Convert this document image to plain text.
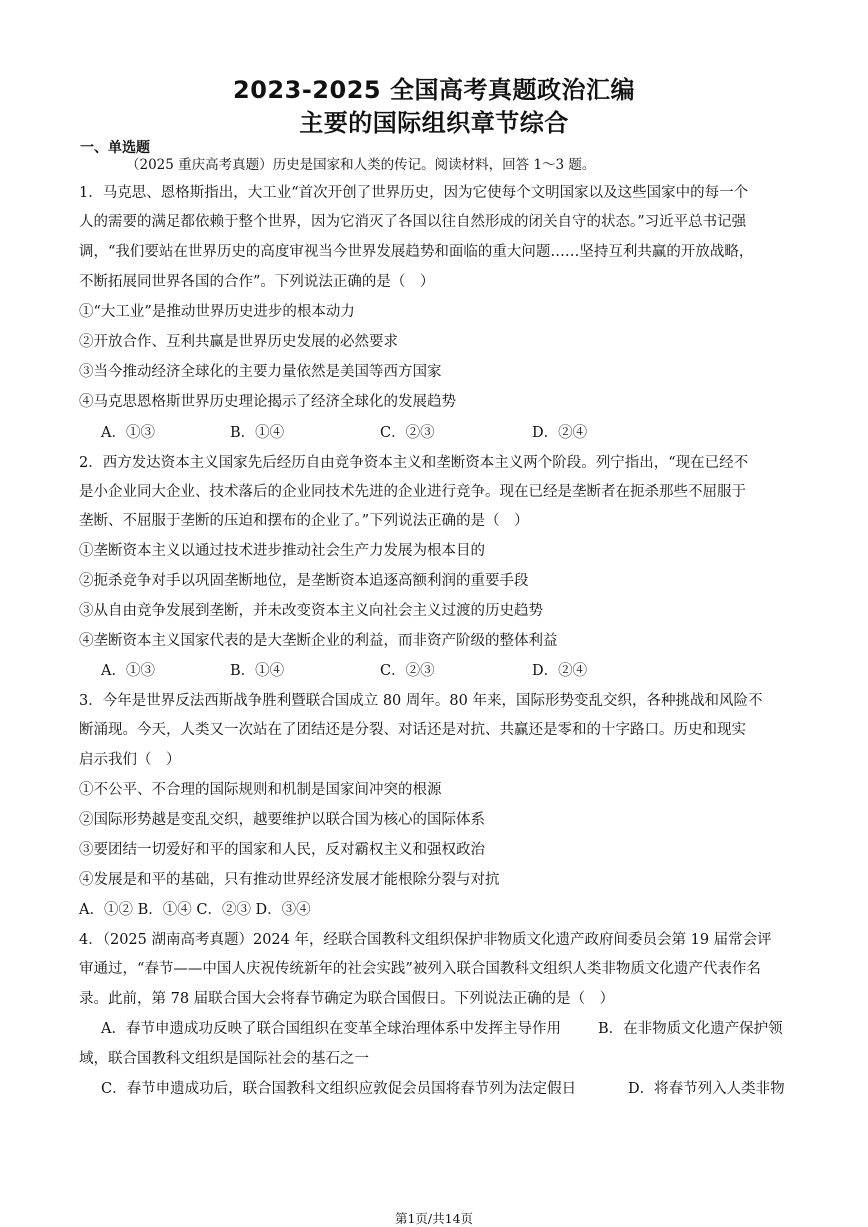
2023-2025 全国高考真题政治汇编
主要的国际组织章节综合
一、单选题
（2025 重庆高考真题）历史是国家和人类的传记。阅读材料，回答 1～3 题。
1．马克思、恩格斯指出，大工业“首次开创了世界历史，因为它使每个文明国家以及这些国家中的每一个
人的需要的满足都依赖于整个世界，因为它消灭了各国以往自然形成的闭关自守的状态。”习近平总书记强
调，“我们要站在世界历史的高度审视当今世界发展趋势和面临的重大问题……坚持互利共赢的开放战略，
不断拓展同世界各国的合作”。下列说法正确的是（　）
①“大工业”是推动世界历史进步的根本动力
②开放合作、互利共赢是世界历史发展的必然要求
③当今推动经济全球化的主要力量依然是美国等西方国家
④马克思恩格斯世界历史理论揭示了经济全球化的发展趋势
A．①③	B．①④	C．②③	D．②④
2．西方发达资本主义国家先后经历自由竞争资本主义和垄断资本主义两个阶段。列宁指出，“现在已经不
是小企业同大企业、技术落后的企业同技术先进的企业进行竞争。现在已经是垄断者在扼杀那些不屈服于
垄断、不屈服于垄断的压迫和摆布的企业了。”下列说法正确的是（　）
①垄断资本主义以通过技术进步推动社会生产力发展为根本目的
②扼杀竞争对手以巩固垄断地位，是垄断资本追逐高额利润的重要手段
③从自由竞争发展到垄断，并未改变资本主义向社会主义过渡的历史趋势
④垄断资本主义国家代表的是大垄断企业的利益，而非资产阶级的整体利益
A．①③	B．①④	C．②③	D．②④
3．今年是世界反法西斯战争胜利暨联合国成立 80 周年。80 年来，国际形势变乱交织，各种挑战和风险不
断涌现。今天，人类又一次站在了团结还是分裂、对话还是对抗、共赢还是零和的十字路口。历史和现实
启示我们（　）
①不公平、不合理的国际规则和机制是国家间冲突的根源
②国际形势越是变乱交织，越要维护以联合国为核心的国际体系
③要团结一切爱好和平的国家和人民，反对霸权主义和强权政治
④发展是和平的基础，只有推动世界经济发展才能根除分裂与对抗
A．①② B．①④ C．②③ D．③④
4．（2025 湖南高考真题）2024 年，经联合国教科文组织保护非物质文化遗产政府间委员会第 19 届常会评
审通过，“春节——中国人庆祝传统新年的社会实践”被列入联合国教科文组织人类非物质文化遗产代表作名
录。此前，第 78 届联合国大会将春节确定为联合国假日。下列说法正确的是（　）
A．春节申遗成功反映了联合国组织在变革全球治理体系中发挥主导作用	B．在非物质文化遗产保护领
域，联合国教科文组织是国际社会的基石之一
C．春节申遗成功后，联合国教科文组织应敦促会员国将春节列为法定假日	D．将春节列入人类非物
第1页/共14页
